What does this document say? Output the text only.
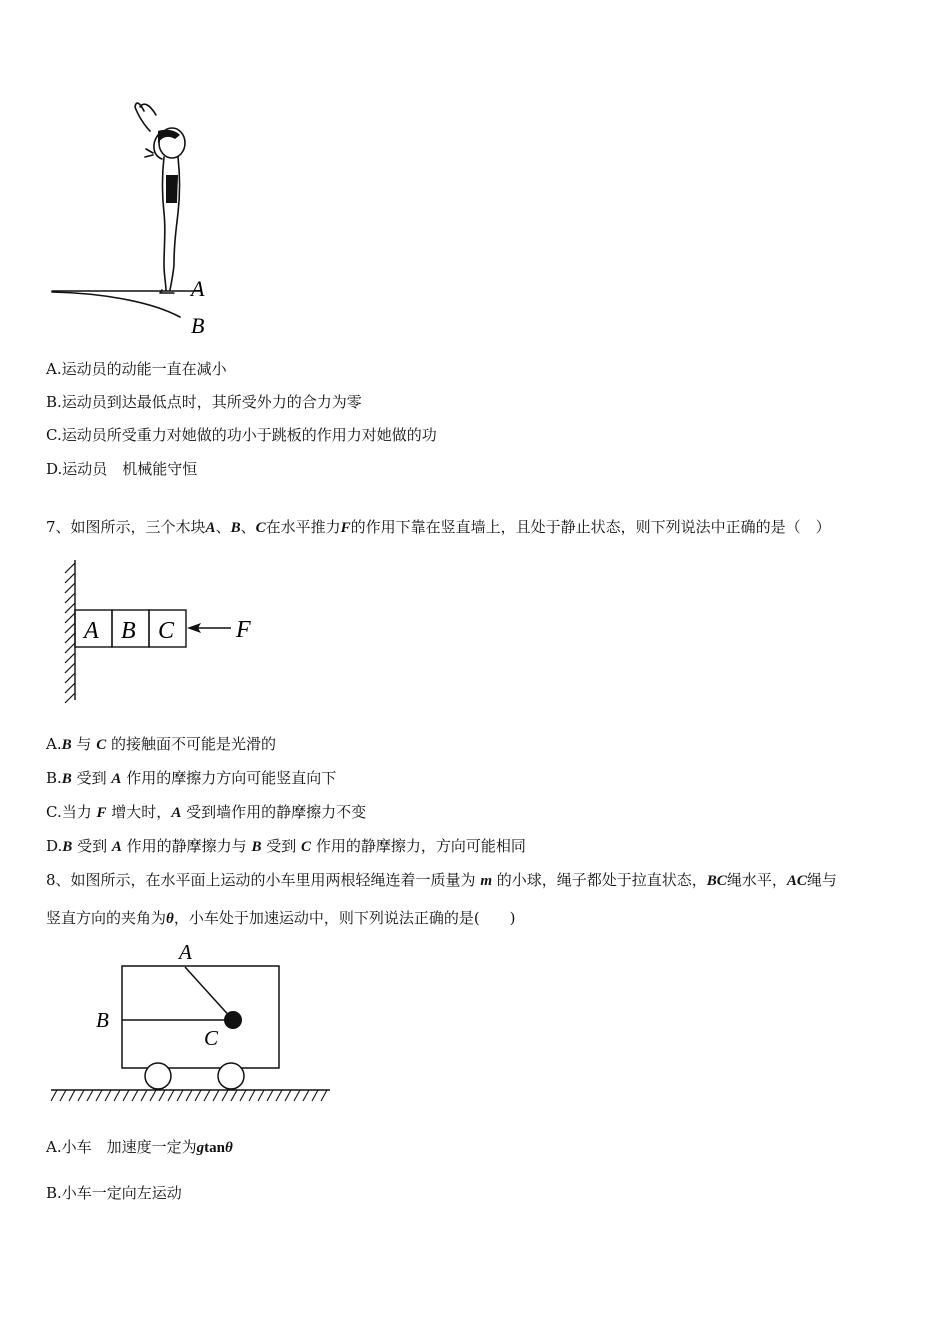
A
B
A.运动员的动能一直在减小
B.运动员到达最低点时，其所受外力的合力为零
C.运动员所受重力对她做的功小于跳板的作用力对她做的功
D.运动员　机械能守恒
7、如图所示，三个木块A、B、C在水平推力F的作用下靠在竖直墙上，且处于静止状态，则下列说法中正确的是（　）
A B C	F
A.B 与 C 的接触面不可能是光滑的
B.B 受到 A 作用的摩擦力方向可能竖直向下
C.当力 F 增大时，A 受到墙作用的静摩擦力不变
D.B 受到 A 作用的静摩擦力与 B 受到 C 作用的静摩擦力，方向可能相同
8、如图所示，在水平面上运动的小车里用两根轻绳连着一质量为 m 的小球，绳子都处于拉直状态，BC绳水平，AC绳与
竖直方向的夹角为θ，小车处于加速运动中，则下列说法正确的是(　　)
A
B
C
A.小车　加速度一定为gtanθ
B.小车一定向左运动
